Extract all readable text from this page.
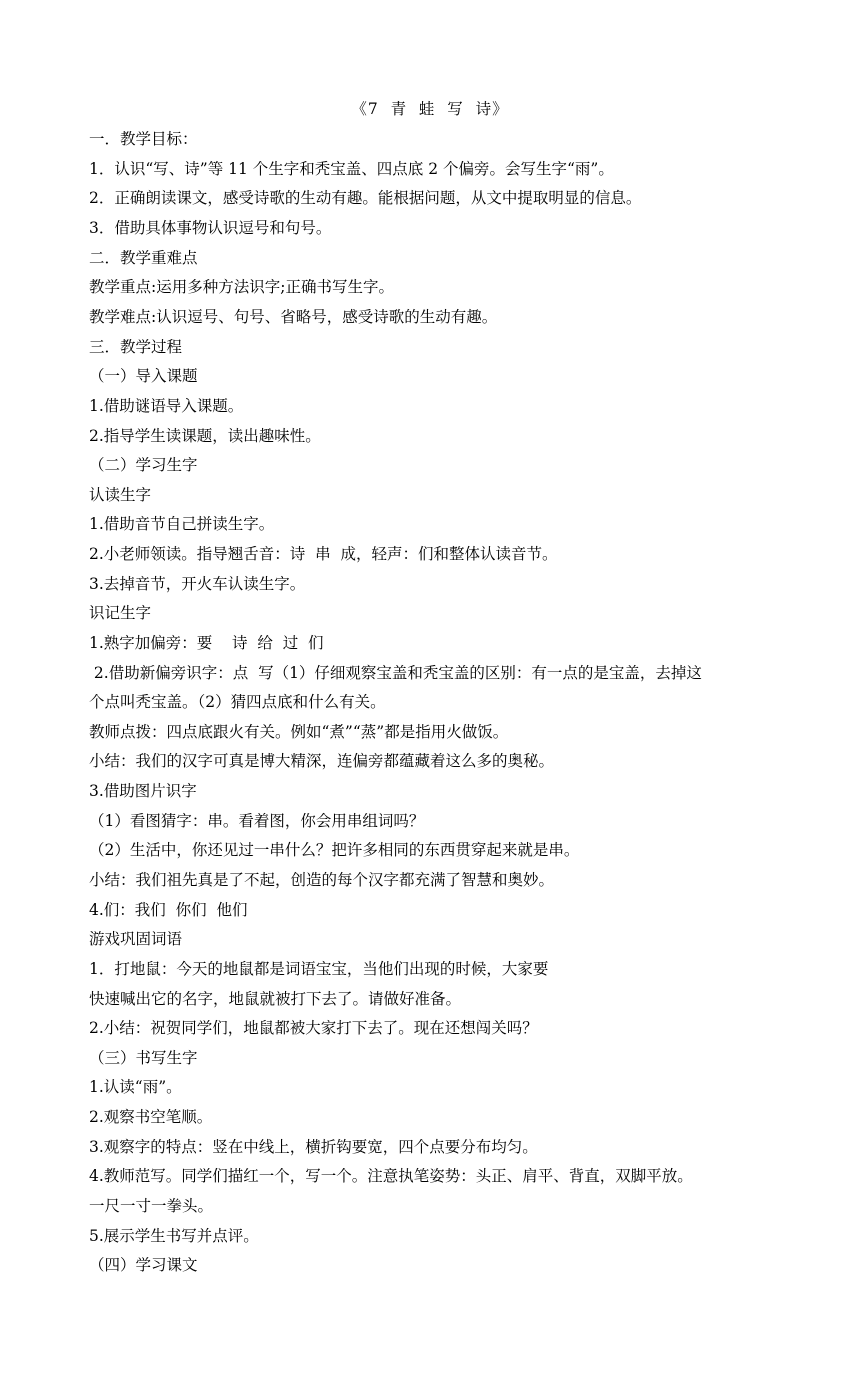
《7  青  蛙  写  诗》
一．教学目标：
1．认识“写、诗”等 11 个生字和秃宝盖、四点底 2 个偏旁。会写生字“雨”。
2．正确朗读课文，感受诗歌的生动有趣。能根据问题，从文中提取明显的信息。
3．借助具体事物认识逗号和句号。
二．教学重难点
教学重点:运用多种方法识字;正确书写生字。
教学难点:认识逗号、句号、省略号，感受诗歌的生动有趣。
三．教学过程
（一）导入课题
1.借助谜语导入课题。
2.指导学生读课题，读出趣味性。
（二）学习生字
认读生字
1.借助音节自己拼读生字。
2.小老师领读。指导翘舌音：诗  串  成，轻声：们和整体认读音节。
3.去掉音节，开火车认读生字。
识记生字
1.熟字加偏旁：要    诗  给  过  们
2.借助新偏旁识字：点  写（1）仔细观察宝盖和秃宝盖的区别：有一点的是宝盖，去掉这
个点叫秃宝盖。（2）猜四点底和什么有关。
教师点拨：四点底跟火有关。例如“煮”“蒸”都是指用火做饭。
小结：我们的汉字可真是博大精深，连偏旁都蕴藏着这么多的奥秘。
3.借助图片识字
（1）看图猜字：串。看着图，你会用串组词吗？
（2）生活中，你还见过一串什么？把许多相同的东西贯穿起来就是串。
小结：我们祖先真是了不起，创造的每个汉字都充满了智慧和奥妙。
4.们：我们  你们  他们
游戏巩固词语
1．打地鼠：今天的地鼠都是词语宝宝，当他们出现的时候，大家要
快速喊出它的名字，地鼠就被打下去了。请做好准备。
2.小结：祝贺同学们，地鼠都被大家打下去了。现在还想闯关吗？
（三）书写生字
1.认读“雨”。
2.观察书空笔顺。
3.观察字的特点：竖在中线上，横折钩要宽，四个点要分布均匀。
4.教师范写。同学们描红一个，写一个。注意执笔姿势：头正、肩平、背直，双脚平放。
一尺一寸一拳头。
5.展示学生书写并点评。
（四）学习课文
